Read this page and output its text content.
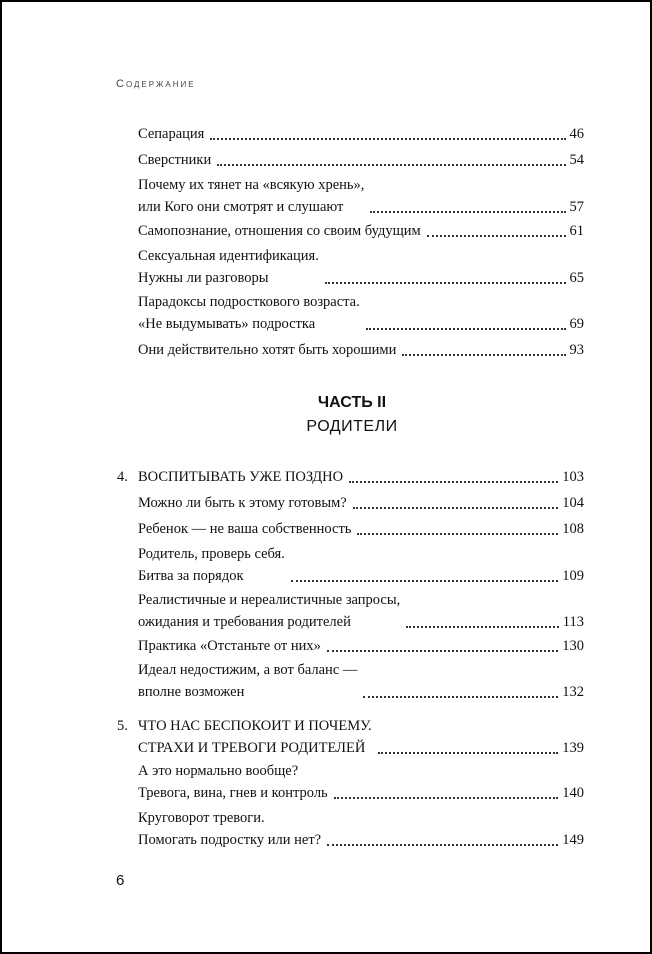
Содержание
Сепарация	46
Сверстники	54
Почему их тянет на «всякую хрень»,
или Кого они смотрят и слушают	57
Самопознание, отношения со своим будущим	61
Сексуальная идентификация.
Нужны ли разговоры	65
Парадоксы подросткового возраста.
«Не выдумывать» подростка	69
Они действительно хотят быть хорошими	93
ЧАСТЬ II
РОДИТЕЛИ
4. ВОСПИТЫВАТЬ УЖЕ ПОЗДНО	103
Можно ли быть к этому готовым?	104
Ребенок — не ваша собственность	108
Родитель, проверь себя.
Битва за порядок	109
Реалистичные и нереалистичные запросы,
ожидания и требования родителей	113
Практика «Отстаньте от них»	130
Идеал недостижим, а вот баланс —
вполне возможен	132
5. ЧТО НАС БЕСПОКОИТ И ПОЧЕМУ.
СТРАХИ И ТРЕВОГИ РОДИТЕЛЕЙ	139
А это нормально вообще?
Тревога, вина, гнев и контроль	140
Круговорот тревоги.
Помогать подростку или нет?	149
6
